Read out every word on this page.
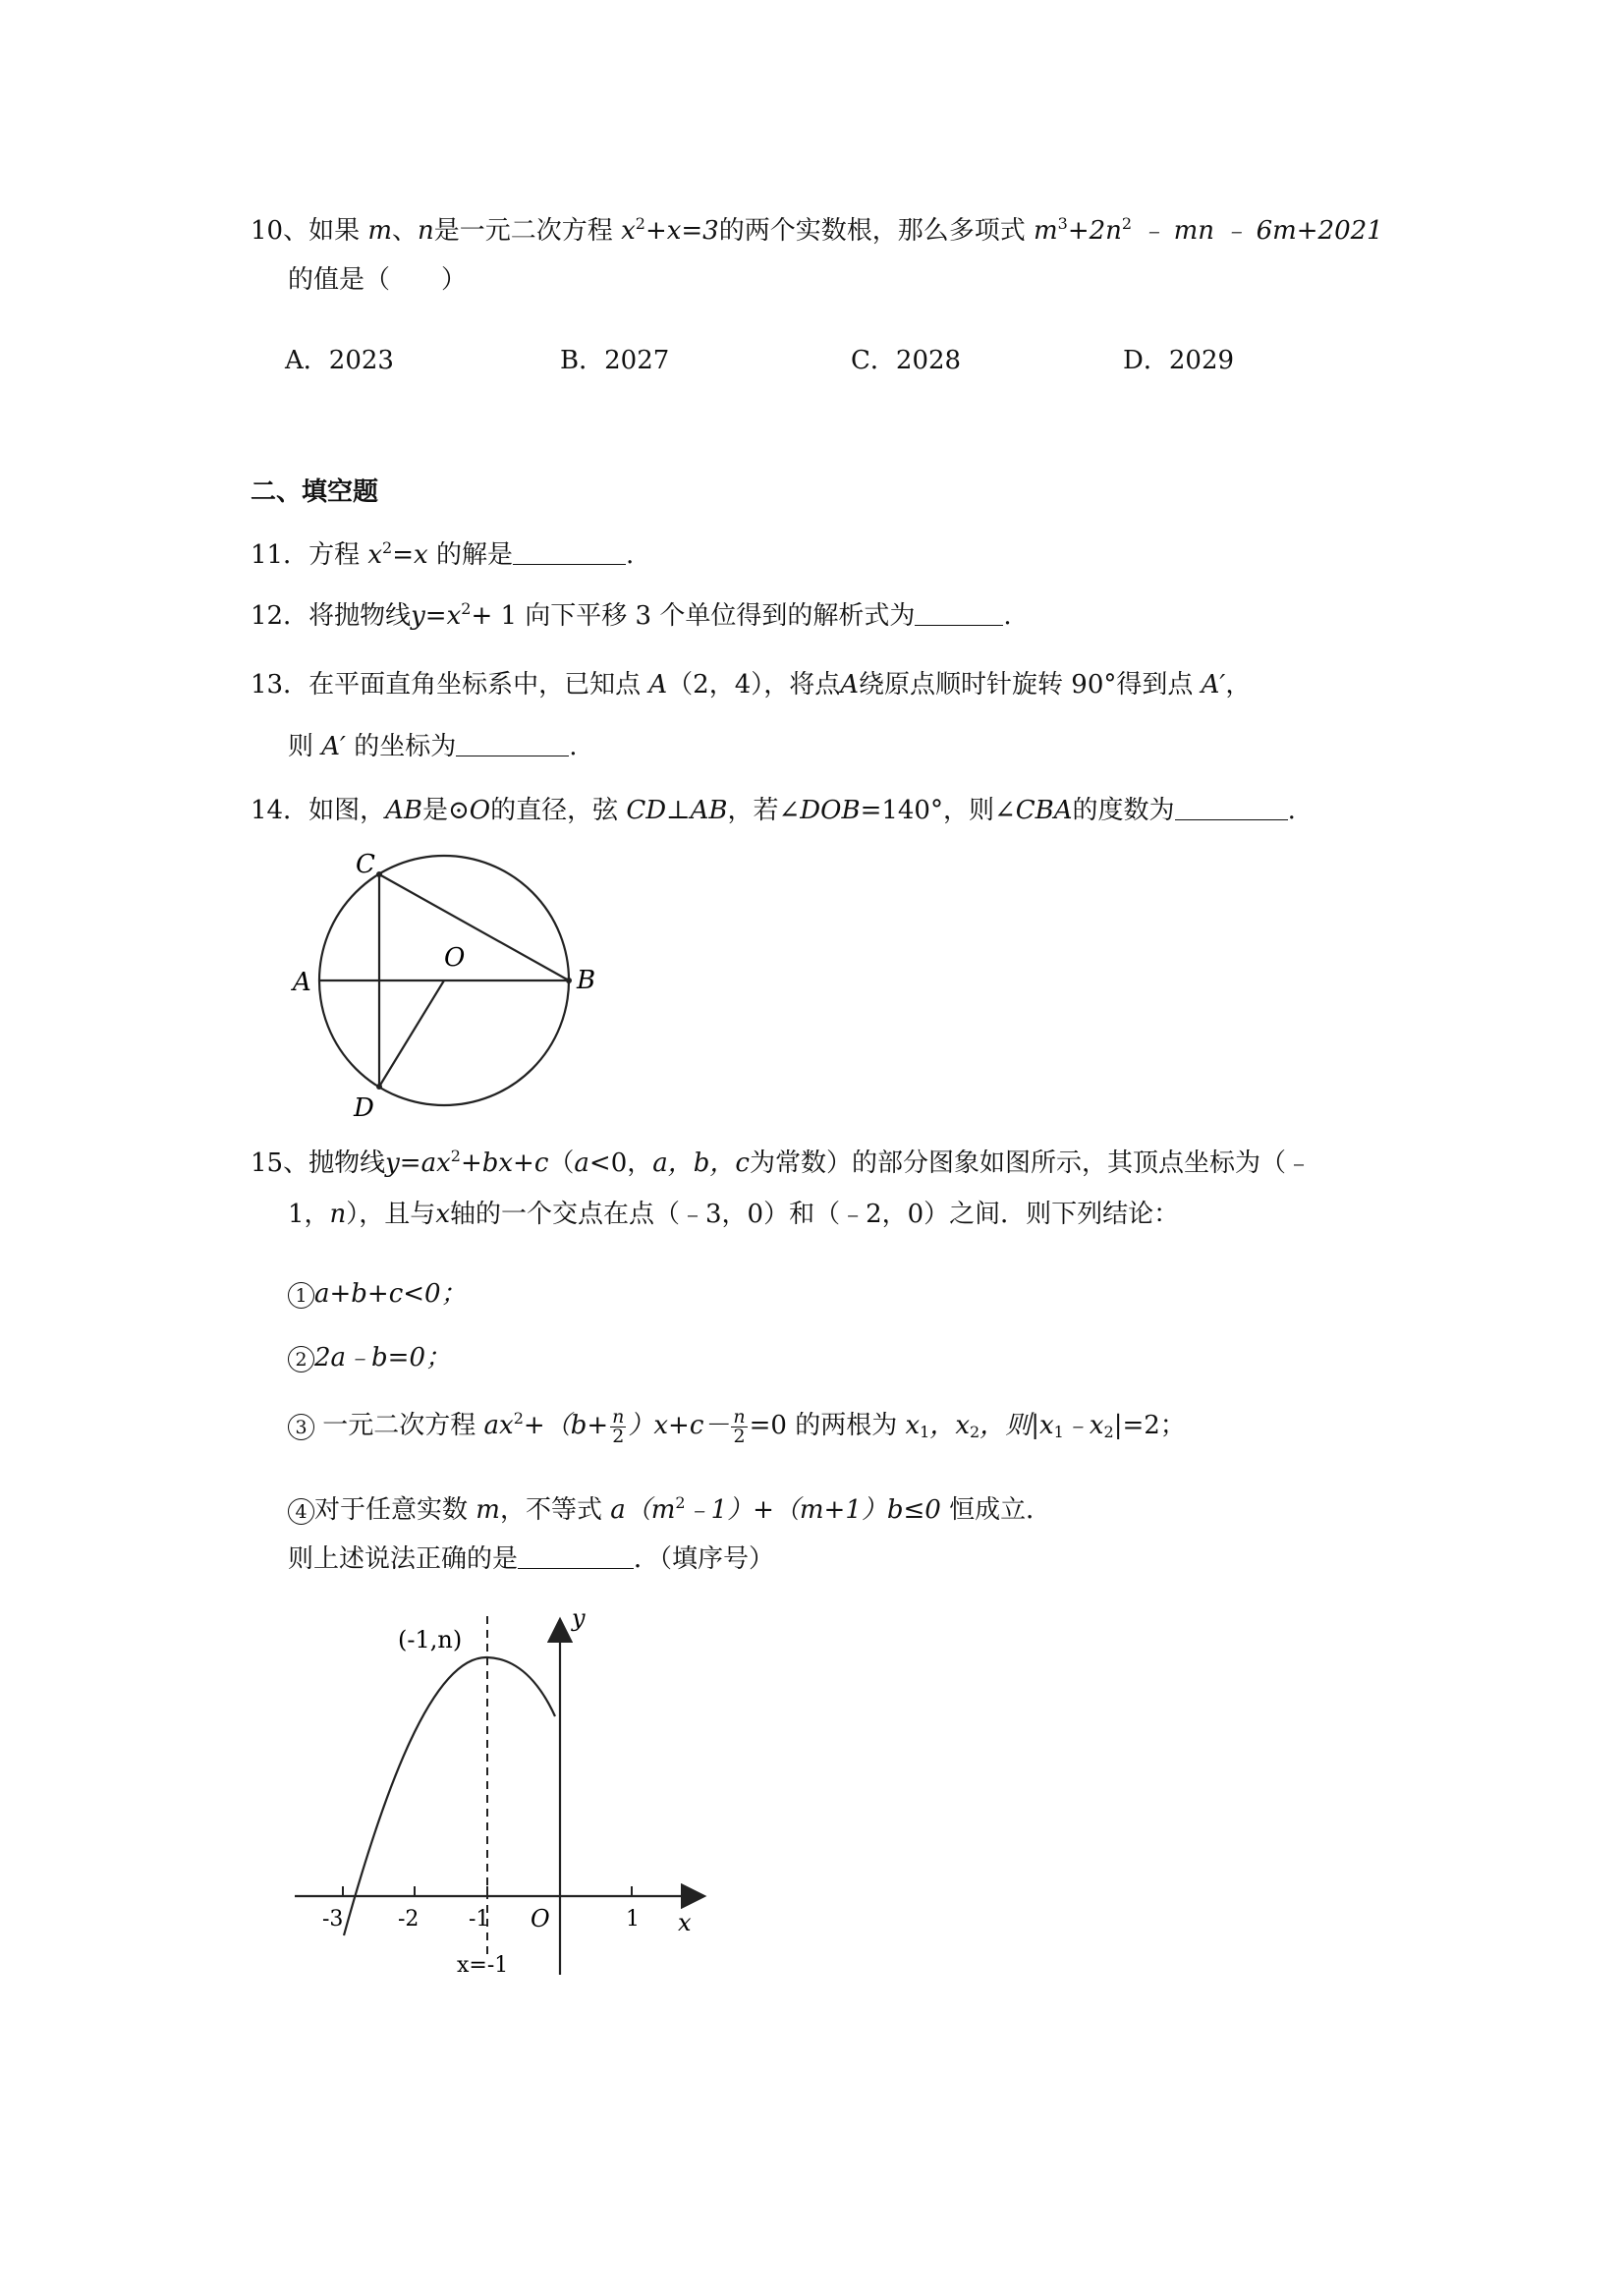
10、如果 m、n是一元二次方程 $x^2+x=3$的两个实数根，那么多项式 $m^3+2n^2$ ﹣ mn ﹣ 6m+2021
的值是（　　）
A．2023	B．2027	C．2028	D．2029
二、填空题
11．方程 $x^2=x$ 的解是	.
12．将抛物线$y=x^2+ 1$ 向下平移 3 个单位得到的解析式为	.
13．在平面直角坐标系中，已知点 A（2，4），将点A绕原点顺时针旋转 90°得到点 A′，
则 A′ 的坐标为	.
14．如图，AB是⊙O的直径，弦 CD⊥AB，若∠DOB=140°，则∠CBA的度数为	.
C
A
O
B
D
15、抛物线$y=ax^2+bx+c(a<0$，a，b，c为常数）的部分图象如图所示，其顶点坐标为（﹣
1，n），且与x轴的一个交点在点（﹣3，0）和（﹣2，0）之间．则下列结论：
1 a+b+c<0；
2 2a﹣b=0；
3 一元二次方程 $ax^2+(b+ \frac{n}{2} )x+c- \frac{n}{2} =0$ 的两根为 $x_1$，$x_2$，则$|x_1﹣x_2|=2$；
4 对于任意实数 m，不等式 $a(m^2﹣1)+(m+1)b\le 0$ 恒成立．
则上述说法正确的是	．（填序号）
(-1,n)
y
x
O
-3	-2 -1	1
x=-1
